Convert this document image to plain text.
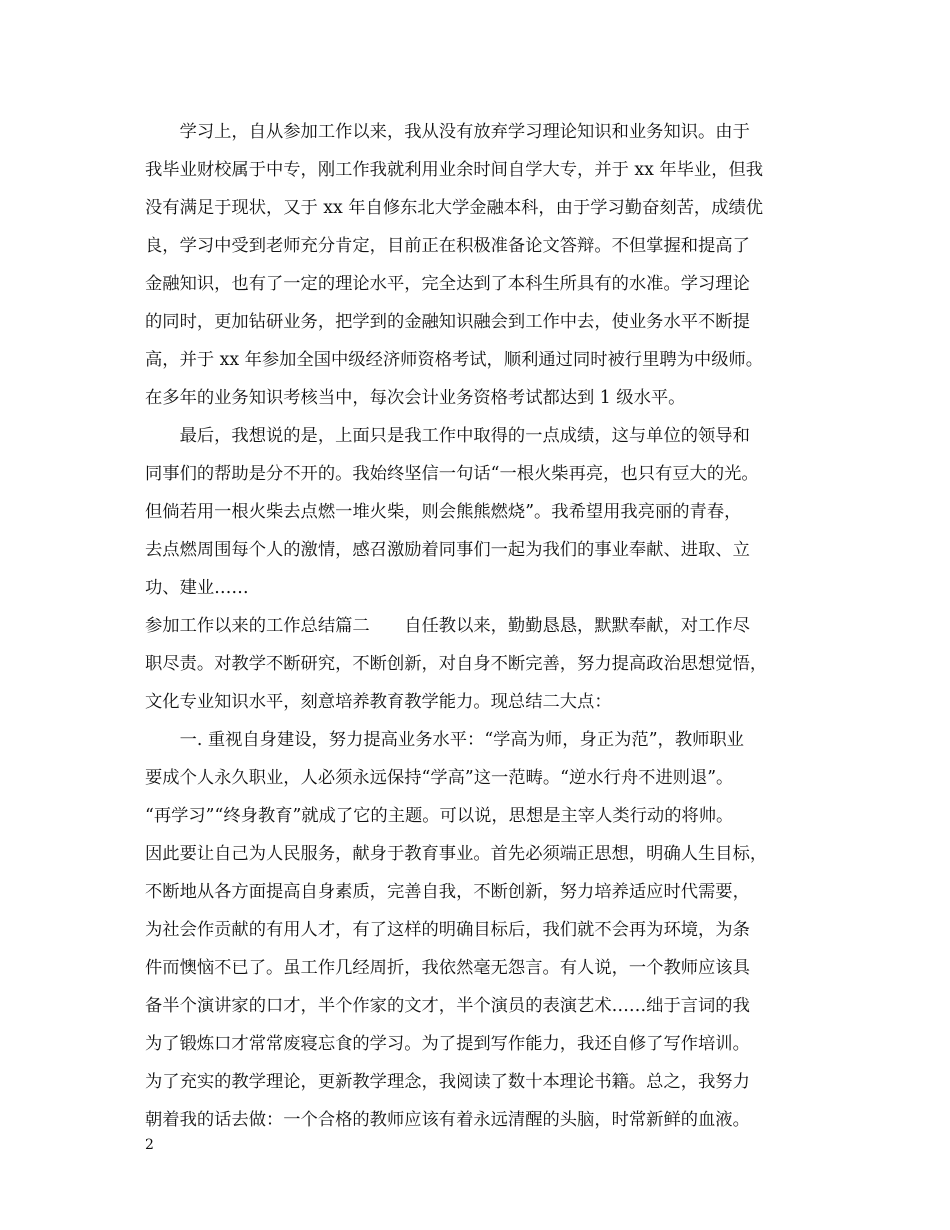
　　学习上，自从参加工作以来，我从没有放弃学习理论知识和业务知识。由于
我毕业财校属于中专，刚工作我就利用业余时间自学大专，并于 xx 年毕业，但我
没有满足于现状，又于 xx 年自修东北大学金融本科，由于学习勤奋刻苦，成绩优
良，学习中受到老师充分肯定，目前正在积极准备论文答辩。不但掌握和提高了
金融知识，也有了一定的理论水平，完全达到了本科生所具有的水准。学习理论
的同时，更加钻研业务，把学到的金融知识融会到工作中去，使业务水平不断提
高，并于 xx 年参加全国中级经济师资格考试，顺利通过同时被行里聘为中级师。
在多年的业务知识考核当中，每次会计业务资格考试都达到 1 级水平。
　　最后，我想说的是，上面只是我工作中取得的一点成绩，这与单位的领导和
同事们的帮助是分不开的。我始终坚信一句话“一根火柴再亮，也只有豆大的光。
但倘若用一根火柴去点燃一堆火柴，则会熊熊燃烧”。我希望用我亮丽的青春，
去点燃周围每个人的激情，感召激励着同事们一起为我们的事业奉献、进取、立
功、建业……
参加工作以来的工作总结篇二　　自任教以来，勤勤恳恳，默默奉献，对工作尽
职尽责。对教学不断研究，不断创新，对自身不断完善，努力提高政治思想觉悟，
文化专业知识水平，刻意培养教育教学能力。现总结二大点：
　　一. 重视自身建设，努力提高业务水平：“学高为师，身正为范”，教师职业
要成个人永久职业，人必须永远保持“学高”这一范畴。“逆水行舟不进则退”。
“再学习”“终身教育”就成了它的主题。可以说，思想是主宰人类行动的将帅。
因此要让自己为人民服务，献身于教育事业。首先必须端正思想，明确人生目标，
不断地从各方面提高自身素质，完善自我，不断创新，努力培养适应时代需要，
为社会作贡献的有用人才，有了这样的明确目标后，我们就不会再为环境，为条
件而懊恼不已了。虽工作几经周折，我依然毫无怨言。有人说，一个教师应该具
备半个演讲家的口才，半个作家的文才，半个演员的表演艺术……绌于言词的我
为了锻炼口才常常废寝忘食的学习。为了提到写作能力，我还自修了写作培训。
为了充实的教学理论，更新教学理念，我阅读了数十本理论书籍。总之，我努力
朝着我的话去做：一个合格的教师应该有着永远清醒的头脑，时常新鲜的血液。
2
